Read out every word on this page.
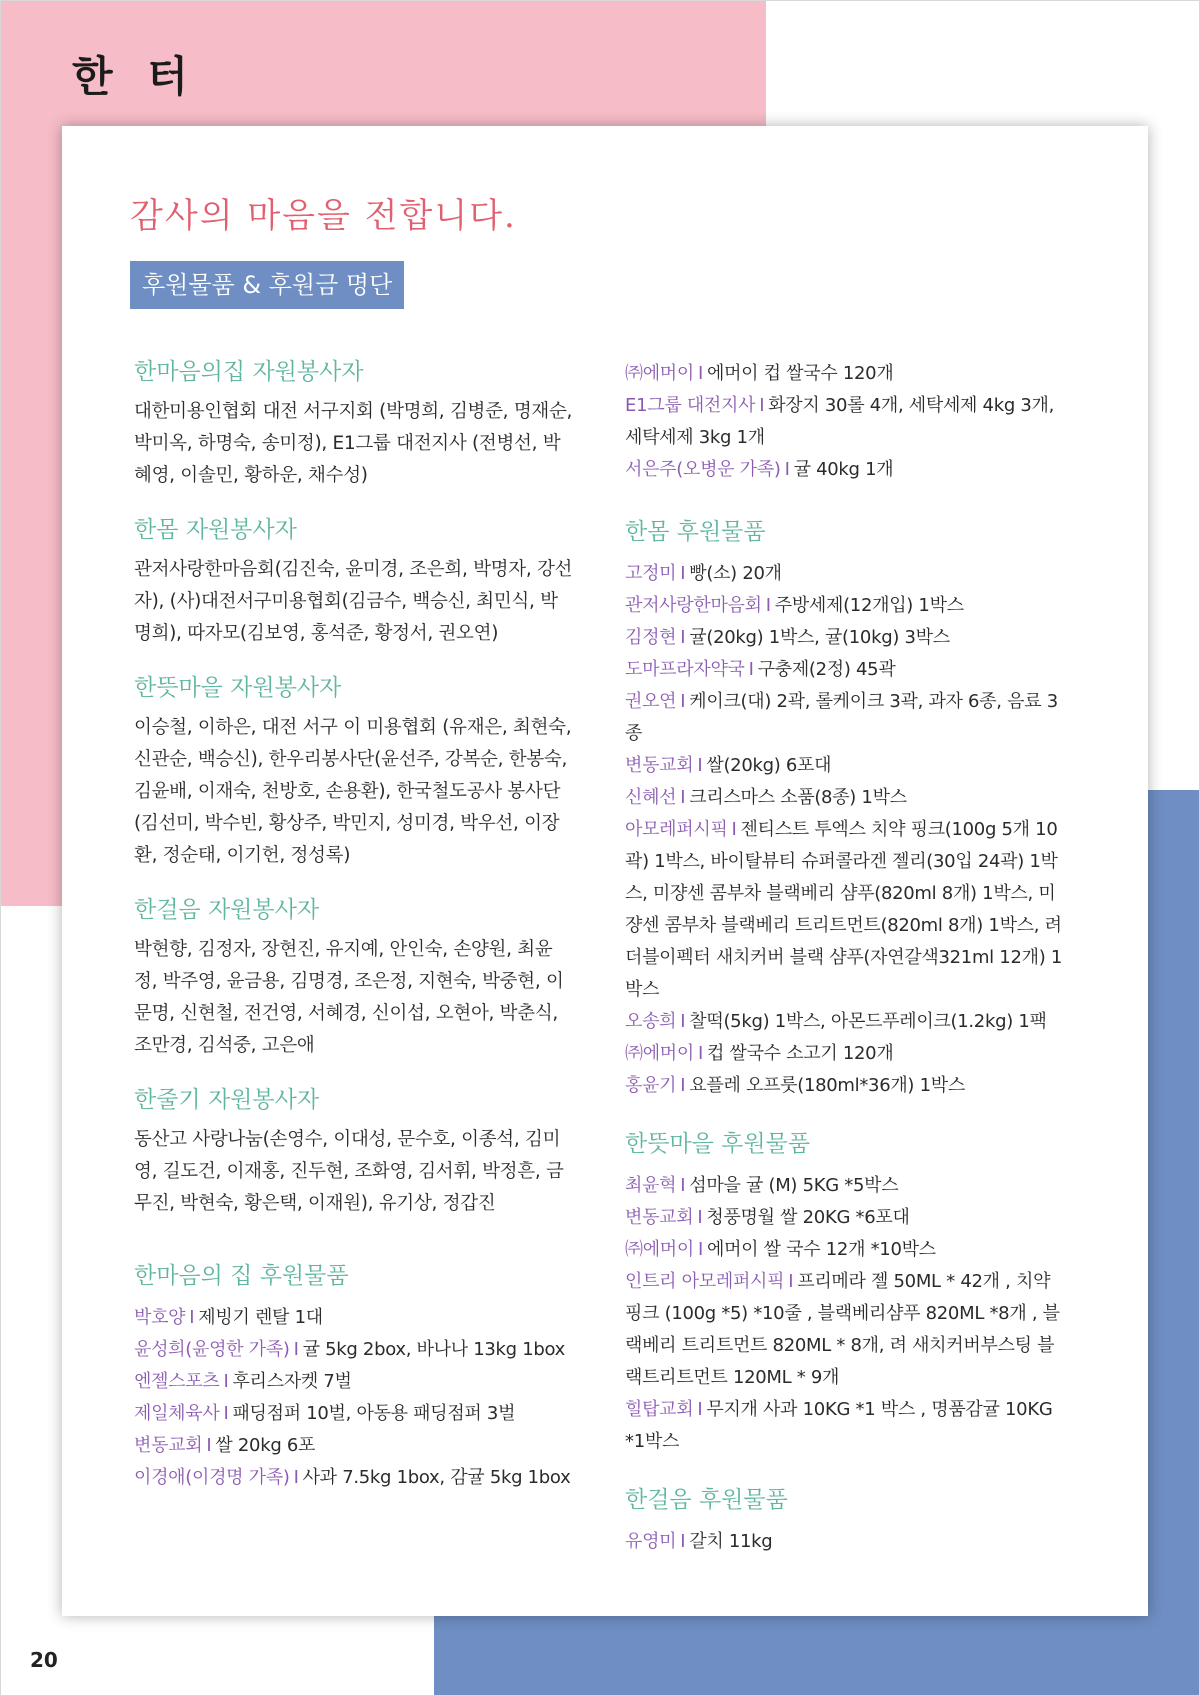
한 터
감사의 마음을 전합니다.
후원물품 & 후원금 명단
한마음의집 자원봉사자
대한미용인협회 대전 서구지회 (박명희, 김병준, 명재순, 박미옥, 하명숙, 송미정), E1그룹 대전지사 (전병선, 박혜영, 이솔민, 황하운, 채수성)
한몸 자원봉사자
관저사랑한마음회(김진숙, 윤미경, 조은희, 박명자, 강선자), (사)대전서구미용협회(김금수, 백승신, 최민식, 박명희), 따자모(김보영, 홍석준, 황정서, 권오연)
한뜻마을 자원봉사자
이승철, 이하은, 대전 서구 이 미용협회 (유재은, 최현숙, 신관순, 백승신), 한우리봉사단(윤선주, 강복순, 한봉숙, 김윤배, 이재숙, 천방호, 손용환), 한국철도공사 봉사단(김선미, 박수빈, 황상주, 박민지, 성미경, 박우선, 이장환, 정순태, 이기헌, 정성록)
한걸음 자원봉사자
박현향, 김정자, 장현진, 유지예, 안인숙, 손양원, 최윤정, 박주영, 윤금용, 김명경, 조은정, 지현숙, 박중현, 이문명, 신현철, 전건영, 서혜경, 신이섭, 오현아, 박춘식, 조만경, 김석중, 고은애
한줄기 자원봉사자
동산고 사랑나눔(손영수, 이대성, 문수호, 이종석, 김미영, 길도건, 이재홍, 진두현, 조화영, 김서휘, 박정흔, 금무진, 박현숙, 황은택, 이재원), 유기상, 정갑진
한마음의 집 후원물품
박호양 I 제빙기 렌탈 1대
윤성희(윤영한 가족) I 귤 5kg 2box, 바나나 13kg 1box
엔젤스포츠 I 후리스자켓 7벌
제일체육사 I 패딩점퍼 10벌, 아동용 패딩점퍼 3벌
변동교회 I 쌀 20kg 6포
이경애(이경명 가족) I 사과 7.5kg 1box, 감귤 5kg 1box
㈜에머이 I 에머이 컵 쌀국수 120개
E1그룹 대전지사 I 화장지 30롤 4개, 세탁세제 4kg 3개, 세탁세제 3kg 1개
서은주(오병운 가족) I 귤 40kg 1개
한몸 후원물품
고정미 I 빵(소) 20개
관저사랑한마음회 I 주방세제(12개입) 1박스
김정현 I 귤(20kg) 1박스, 귤(10kg) 3박스
도마프라자약국 I 구충제(2정) 45곽
권오연 I 케이크(대) 2곽, 롤케이크 3곽, 과자 6종, 음료 3종
변동교회 I 쌀(20kg) 6포대
신혜선 I 크리스마스 소품(8종) 1박스
아모레퍼시픽 I 젠티스트 투엑스 치약 핑크(100g 5개 10곽) 1박스, 바이탈뷰티 슈퍼콜라겐 젤리(30입 24곽) 1박스, 미쟝센 콤부차 블랙베리 샴푸(820ml 8개) 1박스, 미쟝센 콤부차 블랙베리 트리트먼트(820ml 8개) 1박스, 려 더블이펙터 새치커버 블랙 샴푸(자연갈색321ml 12개) 1박스
오송희 I 찰떡(5kg) 1박스, 아몬드푸레이크(1.2kg) 1팩
㈜에머이 I 컵 쌀국수 소고기 120개
홍윤기 I 요플레 오프룻(180ml*36개) 1박스
한뜻마을 후원물품
최윤혁 I 섬마을 귤 (M) 5KG *5박스
변동교회 I 청풍명월 쌀 20KG *6포대
㈜에머이 I 에머이 쌀 국수 12개 *10박스
인트리 아모레퍼시픽 I 프리메라 젤 50ML * 42개 , 치약 핑크 (100g *5) *10줄 , 블랙베리샴푸 820ML *8개 , 블랙베리 트리트먼트 820ML * 8개, 려 새치커버부스팅 블랙트리트먼트 120ML * 9개
힐탑교회 I 무지개 사과 10KG *1 박스 , 명품감귤 10KG *1박스
한걸음 후원물품
유영미 I 갈치 11kg
20
